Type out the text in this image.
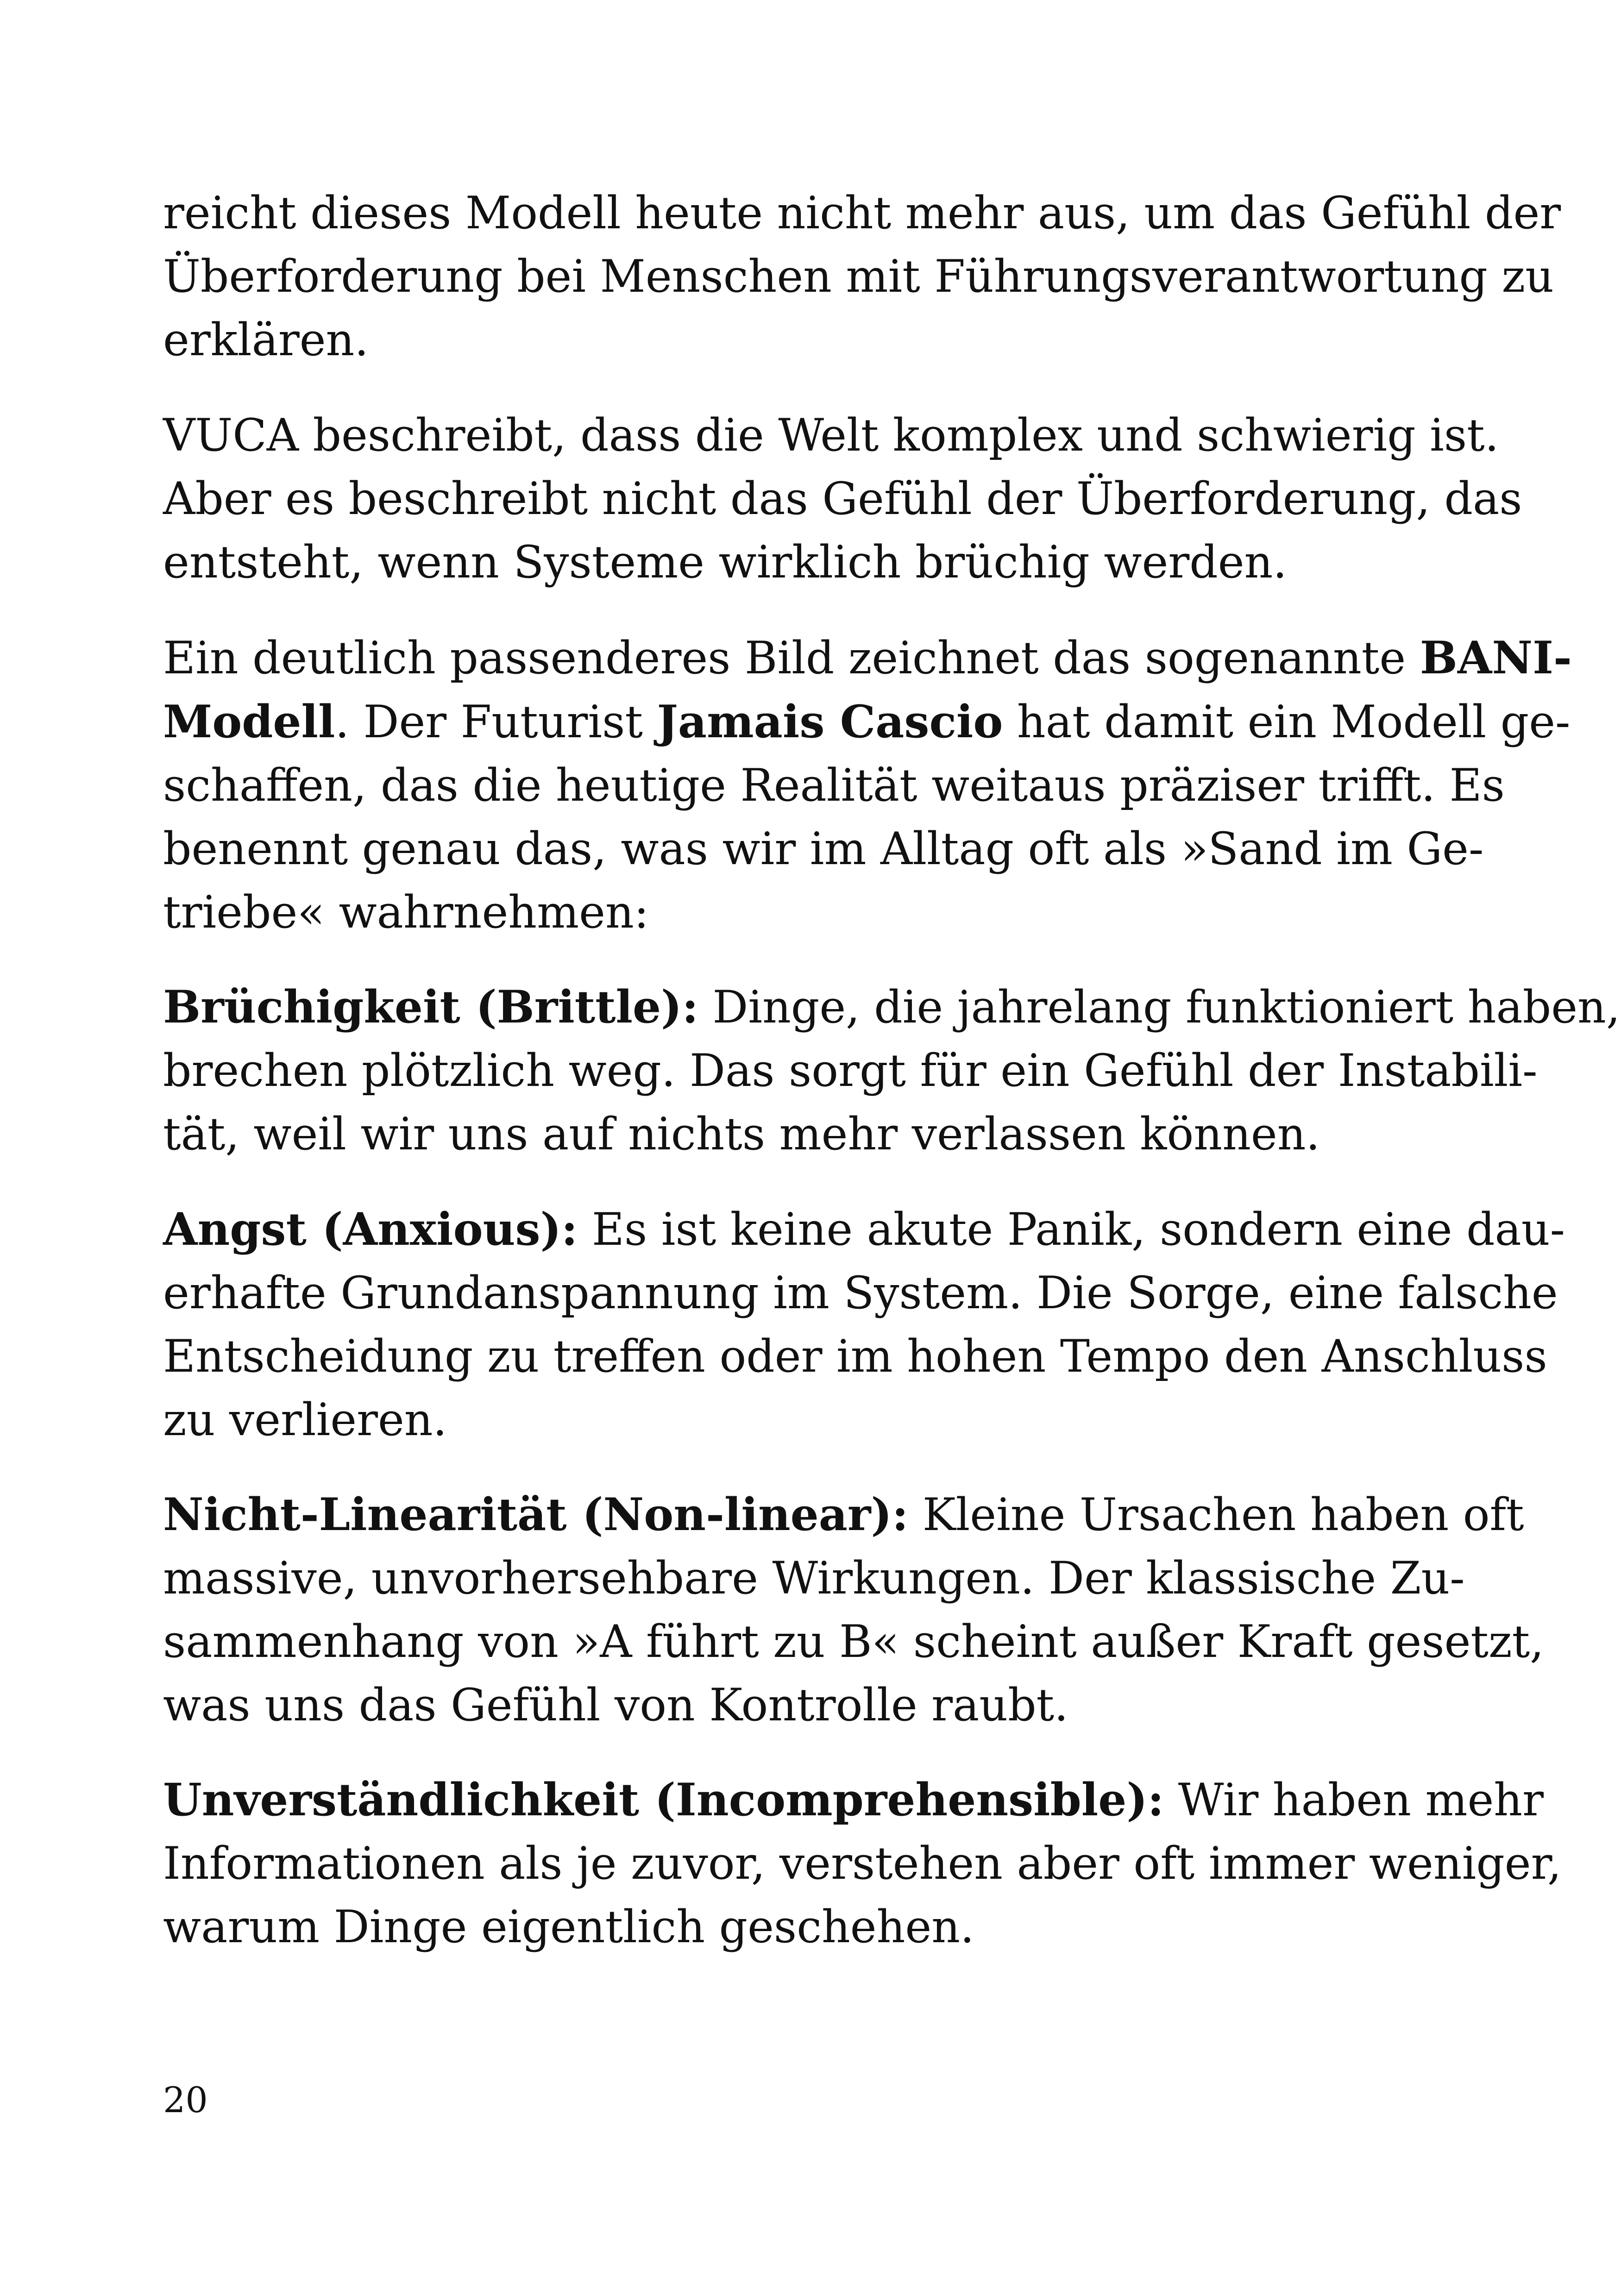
reicht dieses Modell heute nicht mehr aus, um das Gefühl der
Überforderung bei Menschen mit Führungsverantwortung zu
erklären.

VUCA beschreibt, dass die Welt komplex und schwierig ist.
Aber es beschreibt nicht das Gefühl der Überforderung, das
entsteht, wenn Systeme wirklich brüchig werden.

Ein deutlich passenderes Bild zeichnet das sogenannte BANI-
Modell. Der Futurist Jamais Cascio hat damit ein Modell ge-
schaffen, das die heutige Realität weitaus präziser trifft. Es
benennt genau das, was wir im Alltag oft als »Sand im Ge-
triebe« wahrnehmen:

Brüchigkeit (Brittle): Dinge, die jahrelang funktioniert haben,
brechen plötzlich weg. Das sorgt für ein Gefühl der Instabili-
tät, weil wir uns auf nichts mehr verlassen können.

Angst (Anxious): Es ist keine akute Panik, sondern eine dau-
erhafte Grundanspannung im System. Die Sorge, eine falsche
Entscheidung zu treffen oder im hohen Tempo den Anschluss
zu verlieren.

Nicht-Linearität (Non-linear): Kleine Ursachen haben oft
massive, unvorhersehbare Wirkungen. Der klassische Zu-
sammenhang von »A führt zu B« scheint außer Kraft gesetzt,
was uns das Gefühl von Kontrolle raubt.

Unverständlichkeit (Incomprehensible): Wir haben mehr
Informationen als je zuvor, verstehen aber oft immer weniger,
warum Dinge eigentlich geschehen.

20
